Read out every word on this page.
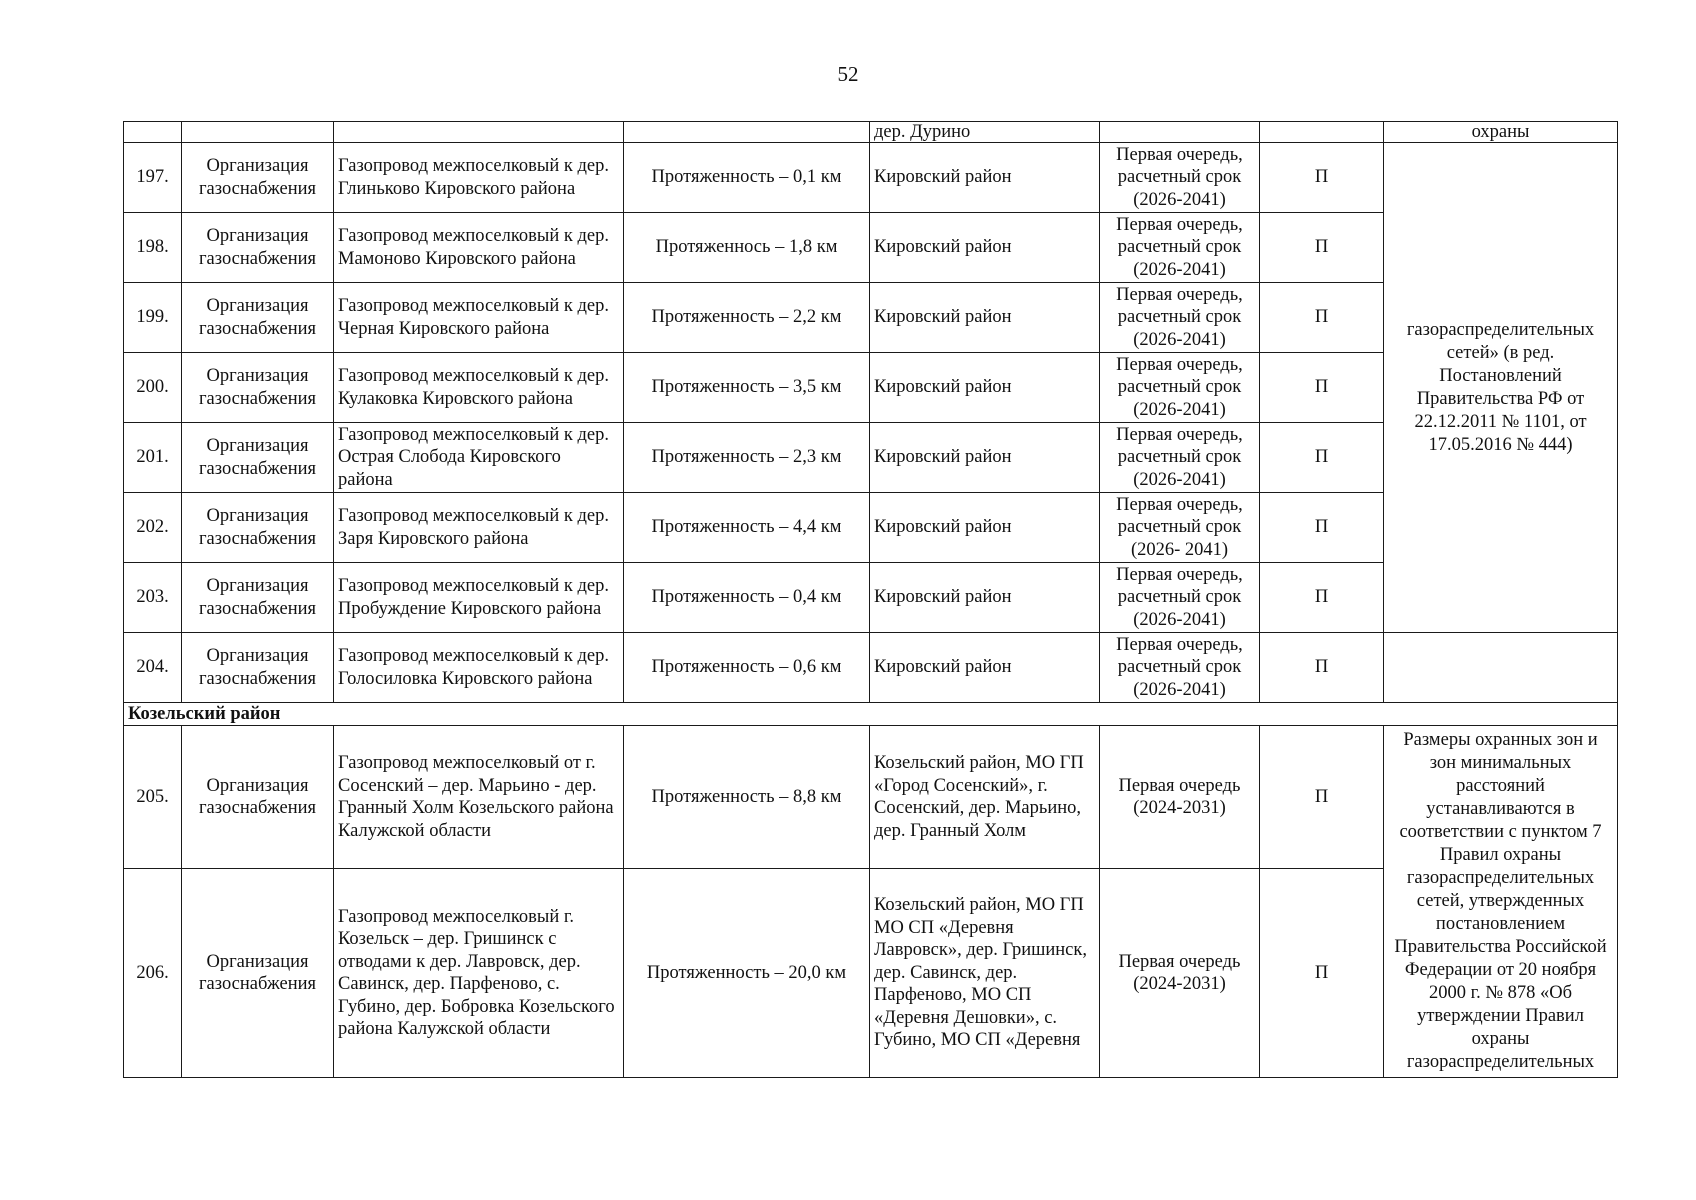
52
				дер. Дурино			охраны
197.	Организация газоснабжения	Газопровод межпоселковый к дер. Глиньково Кировского района	Протяженность – 0,1 км	Кировский район	Первая очередь, расчетный срок (2026-2041)	П	газораспределительных сетей» (в ред. Постановлений Правительства РФ от 22.12.2011 № 1101, от 17.05.2016 № 444)
198.	Организация газоснабжения	Газопровод межпоселковый к дер. Мамоново Кировского района	Протяженнось – 1,8 км	Кировский район	Первая очередь, расчетный срок (2026-2041)	П	
199.	Организация газоснабжения	Газопровод межпоселковый к дер. Черная Кировского района	Протяженность – 2,2 км	Кировский район	Первая очередь, расчетный срок (2026-2041)	П	
200.	Организация газоснабжения	Газопровод межпоселковый к дер. Кулаковка Кировского района	Протяженность – 3,5 км	Кировский район	Первая очередь, расчетный срок (2026-2041)	П	
201.	Организация газоснабжения	Газопровод межпоселковый к дер. Острая Слобода Кировского района	Протяженность – 2,3 км	Кировский район	Первая очередь, расчетный срок (2026-2041)	П	
202.	Организация газоснабжения	Газопровод межпоселковый к дер. Заря Кировского района	Протяженность – 4,4 км	Кировский район	Первая очередь, расчетный срок (2026- 2041)	П	
203.	Организация газоснабжения	Газопровод межпоселковый к дер. Пробуждение Кировского района	Протяженность – 0,4 км	Кировский район	Первая очередь, расчетный срок (2026-2041)	П	
204.	Организация газоснабжения	Газопровод межпоселковый к дер. Голосиловка Кировского района	Протяженность – 0,6 км	Кировский район	Первая очередь, расчетный срок (2026-2041)	П	
Козельский район							
205.	Организация газоснабжения	Газопровод межпоселковый от г. Сосенский – дер. Марьино - дер. Гранный Холм Козельского района Калужской области	Протяженность – 8,8 км	Козельский район, МО ГП «Город Сосенский», г. Сосенский, дер. Марьино, дер. Гранный Холм	Первая очередь (2024-2031)	П	Размеры охранных зон и зон минимальных расстояний устанавливаются в соответствии с пунктом 7 Правил охраны газораспределительных сетей, утвержденных постановлением Правительства Российской Федерации от 20 ноября 2000 г. № 878 «Об утверждении Правил охраны газораспределительных
206.	Организация газоснабжения	Газопровод межпоселковый г. Козельск – дер. Гришинск с отводами к дер. Лавровск, дер. Савинск, дер. Парфеново, с. Губино, дер. Бобровка Козельского района Калужской области	Протяженность – 20,0 км	Козельский район, МО ГП МО СП «Деревня Лавровск», дер. Гришинск, дер. Савинск, дер. Парфеново, МО СП «Деревня Дешовки», с. Губино, МО СП «Деревня	Первая очередь (2024-2031)	П	
